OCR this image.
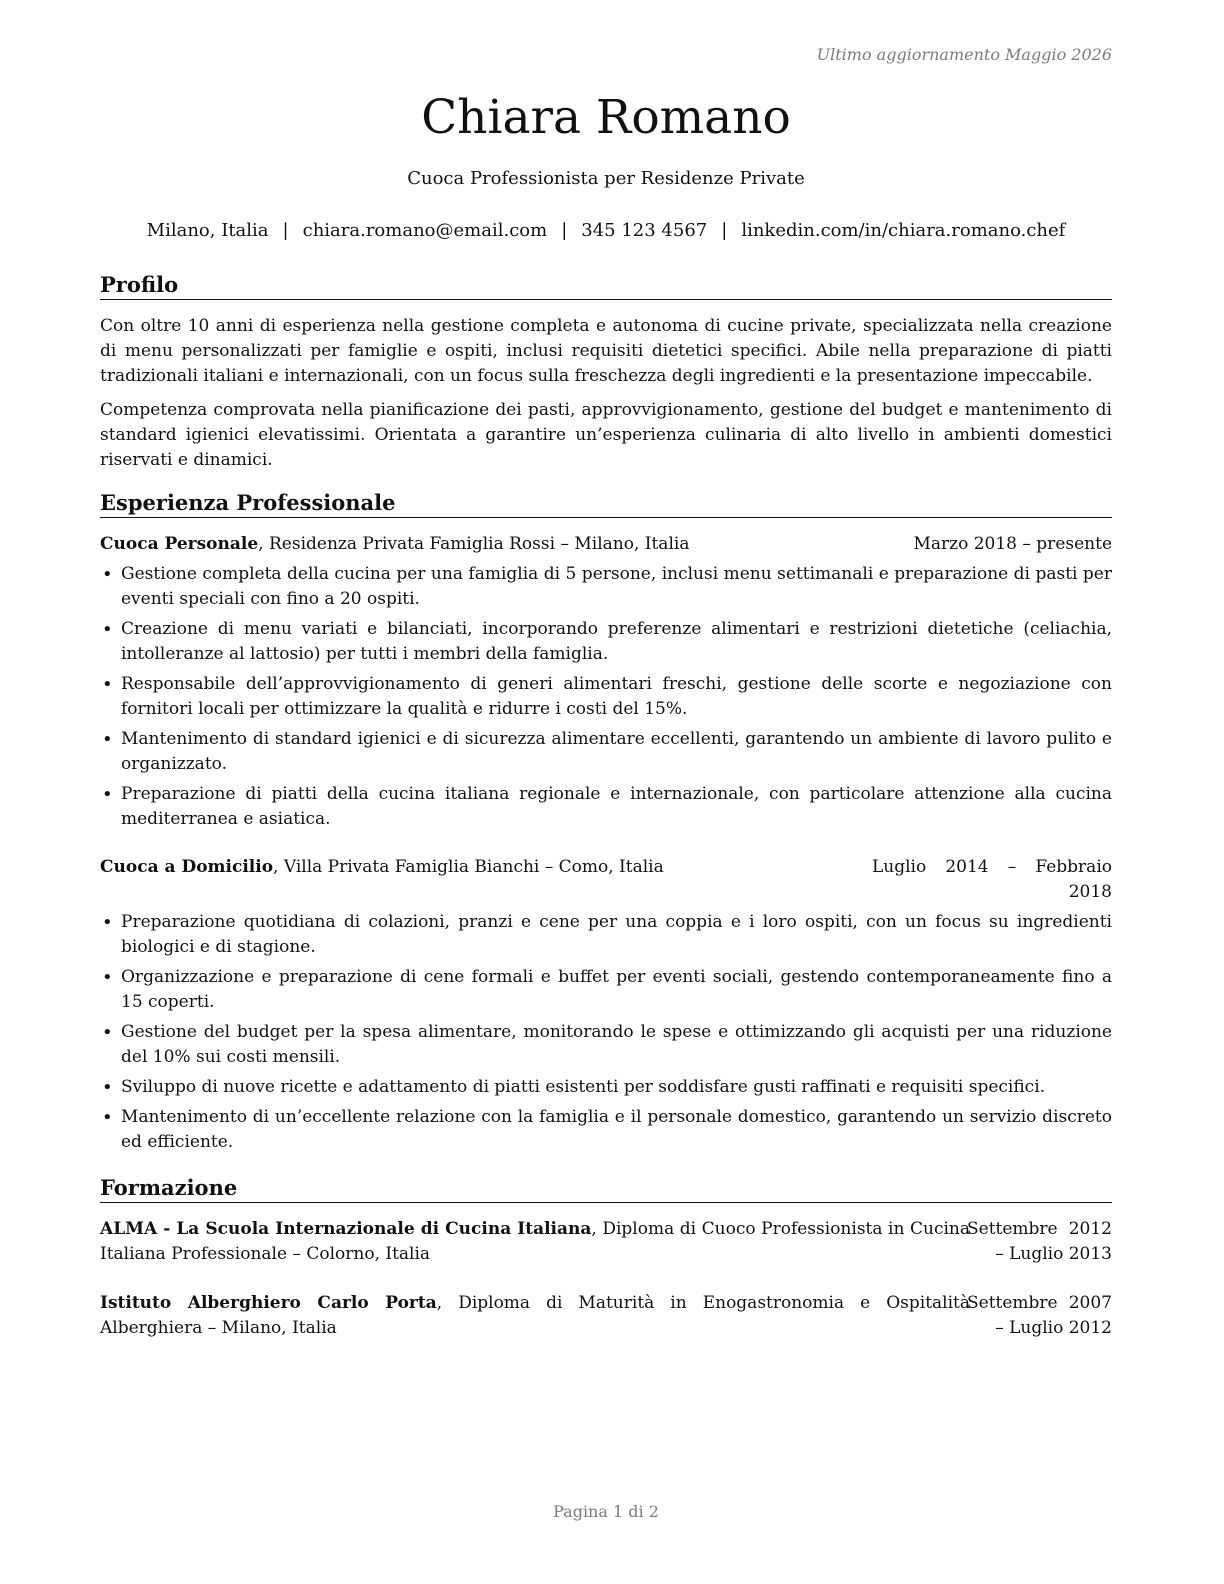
Ultimo aggiornamento Maggio 2026
Chiara Romano
Cuoca Professionista per Residenze Private
Milano, Italia | chiara.romano@email.com | 345 123 4567 | linkedin.com/in/chiara.romano.chef
Profilo
Con oltre 10 anni di esperienza nella gestione completa e autonoma di cucine private, specializzata nella creazione di menu personalizzati per famiglie e ospiti, inclusi requisiti dietetici specifici. Abile nella preparazione di piatti tradizionali italiani e internazionali, con un focus sulla freschezza degli ingredienti e la presentazione impeccabile.
Competenza comprovata nella pianificazione dei pasti, approvvigionamento, gestione del budget e mantenimento di standard igienici elevatissimi. Orientata a garantire un’esperienza culinaria di alto livello in ambienti domestici riservati e dinamici.
Esperienza Professionale
Cuoca Personale, Residenza Privata Famiglia Rossi – Milano, Italia	Marzo 2018 – presente
• Gestione completa della cucina per una famiglia di 5 persone, inclusi menu settimanali e preparazione di pasti per eventi speciali con fino a 20 ospiti.
• Creazione di menu variati e bilanciati, incorporando preferenze alimentari e restrizioni dietetiche (celiachia, intolleranze al lattosio) per tutti i membri della famiglia.
• Responsabile dell’approvvigionamento di generi alimentari freschi, gestione delle scorte e negoziazione con fornitori locali per ottimizzare la qualità e ridurre i costi del 15%.
• Mantenimento di standard igienici e di sicurezza alimentare eccellenti, garantendo un ambiente di lavoro pulito e organizzato.
• Preparazione di piatti della cucina italiana regionale e internazionale, con particolare attenzione alla cucina mediterranea e asiatica.
Cuoca a Domicilio, Villa Privata Famiglia Bianchi – Como, Italia	Luglio 2014 – Febbraio 2018
• Preparazione quotidiana di colazioni, pranzi e cene per una coppia e i loro ospiti, con un focus su ingredienti biologici e di stagione.
• Organizzazione e preparazione di cene formali e buffet per eventi sociali, gestendo contemporaneamente fino a 15 coperti.
• Gestione del budget per la spesa alimentare, monitorando le spese e ottimizzando gli acquisti per una riduzione del 10% sui costi mensili.
• Sviluppo di nuove ricette e adattamento di piatti esistenti per soddisfare gusti raffinati e requisiti specifici.
• Mantenimento di un’eccellente relazione con la famiglia e il personale domestico, garantendo un servizio discreto ed efficiente.
Formazione
ALMA - La Scuola Internazionale di Cucina Italiana, Diploma di Cuoco Professionista in Cucina Italiana Professionale – Colorno, Italia
Settembre 2012 – Luglio 2013
Istituto Alberghiero Carlo Porta, Diploma di Maturità in Enogastronomia e Ospitalità Alberghiera – Milano, Italia
Settembre 2007 – Luglio 2012
Pagina 1 di 2
